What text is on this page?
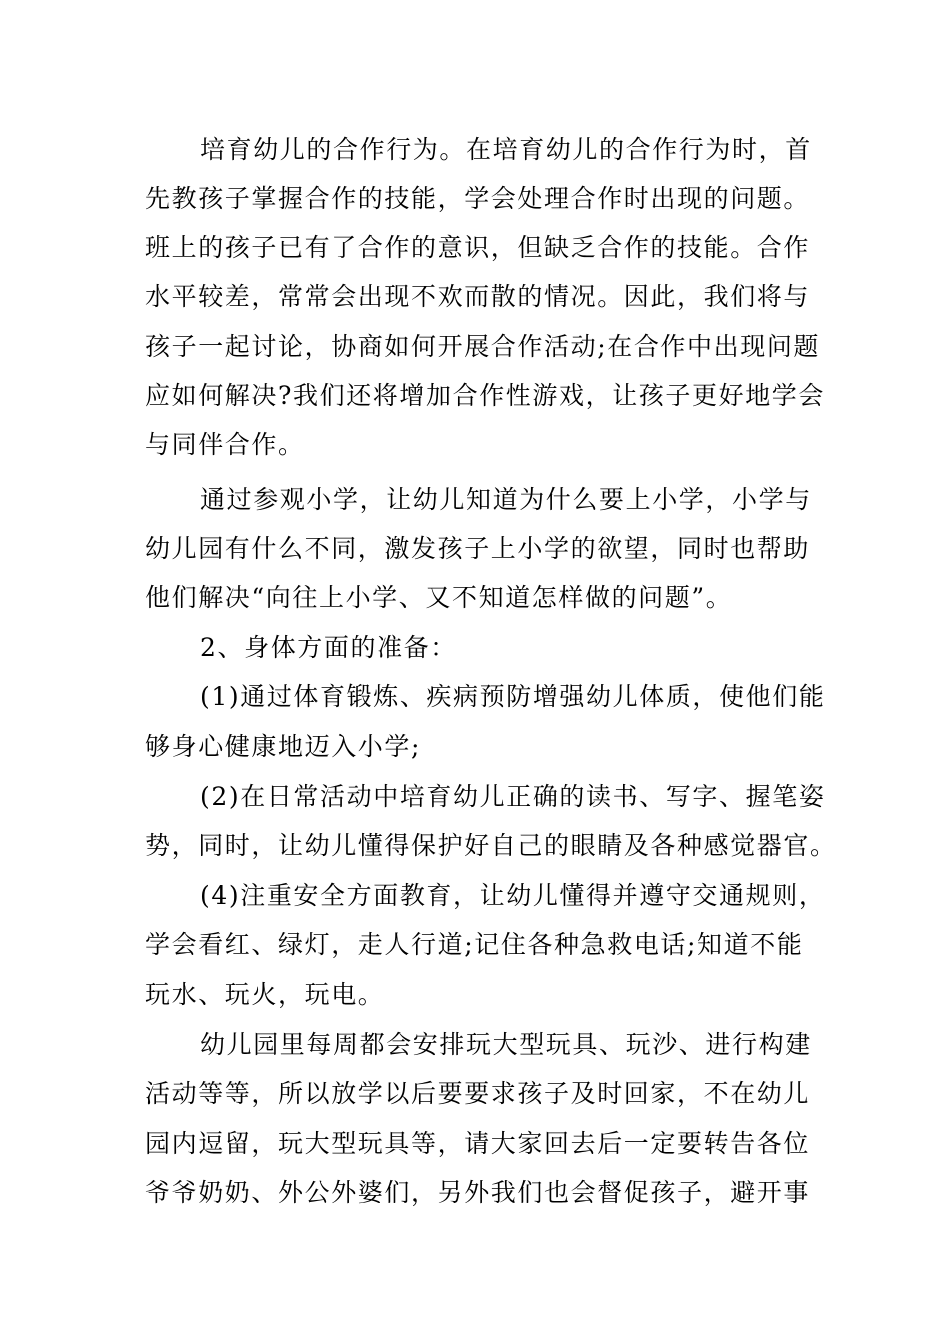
培育幼儿的合作行为。在培育幼儿的合作行为时，首
先教孩子掌握合作的技能，学会处理合作时出现的问题。
班上的孩子已有了合作的意识，但缺乏合作的技能。合作
水平较差，常常会出现不欢而散的情况。因此，我们将与
孩子一起讨论，协商如何开展合作活动;在合作中出现问题
应如何解决?我们还将增加合作性游戏，让孩子更好地学会
与同伴合作。
通过参观小学，让幼儿知道为什么要上小学，小学与
幼儿园有什么不同，激发孩子上小学的欲望，同时也帮助
他们解决“向往上小学、又不知道怎样做的问题”。
2、身体方面的准备：
(1)通过体育锻炼、疾病预防增强幼儿体质，使他们能
够身心健康地迈入小学;
(2)在日常活动中培育幼儿正确的读书、写字、握笔姿
势，同时，让幼儿懂得保护好自己的眼睛及各种感觉器官。
(4)注重安全方面教育，让幼儿懂得并遵守交通规则，
学会看红、绿灯，走人行道;记住各种急救电话;知道不能
玩水、玩火，玩电。
幼儿园里每周都会安排玩大型玩具、玩沙、进行构建
活动等等，所以放学以后要要求孩子及时回家，不在幼儿
园内逗留，玩大型玩具等，请大家回去后一定要转告各位
爷爷奶奶、外公外婆们，另外我们也会督促孩子，避开事
